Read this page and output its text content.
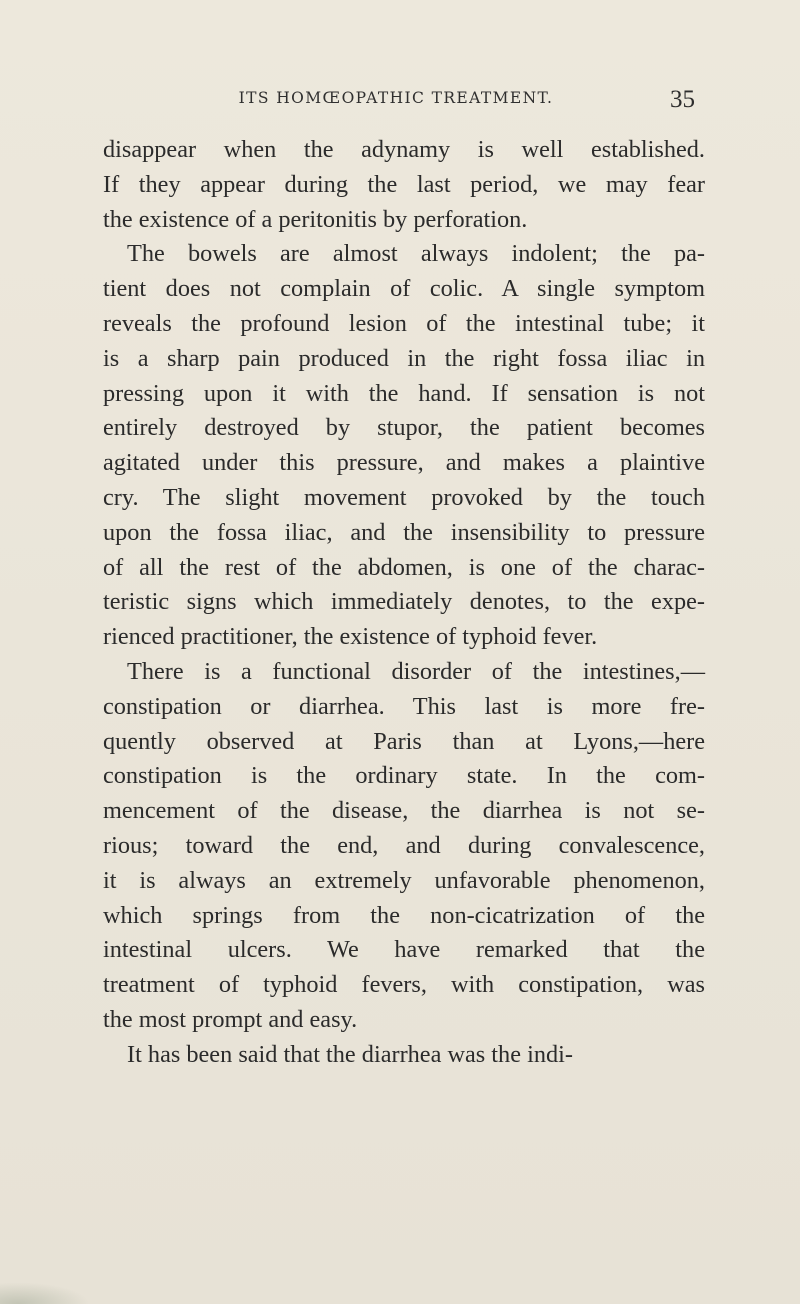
ITS HOMŒOPATHIC TREATMENT.	35
disappear when the adynamy is well established.
If they appear during the last period, we may fear
the existence of a peritonitis by perforation.
The bowels are almost always indolent; the pa-
tient does not complain of colic. A single symptom
reveals the profound lesion of the intestinal tube; it
is a sharp pain produced in the right fossa iliac in
pressing upon it with the hand. If sensation is not
entirely destroyed by stupor, the patient becomes
agitated under this pressure, and makes a plaintive
cry. The slight movement provoked by the touch
upon the fossa iliac, and the insensibility to pressure
of all the rest of the abdomen, is one of the charac-
teristic signs which immediately denotes, to the expe-
rienced practitioner, the existence of typhoid fever.
There is a functional disorder of the intestines,—
constipation or diarrhea. This last is more fre-
quently observed at Paris than at Lyons,—here
constipation is the ordinary state. In the com-
mencement of the disease, the diarrhea is not se-
rious; toward the end, and during convalescence,
it is always an extremely unfavorable phenomenon,
which springs from the non-cicatrization of the
intestinal ulcers. We have remarked that the
treatment of typhoid fevers, with constipation, was
the most prompt and easy.
It has been said that the diarrhea was the indi-
